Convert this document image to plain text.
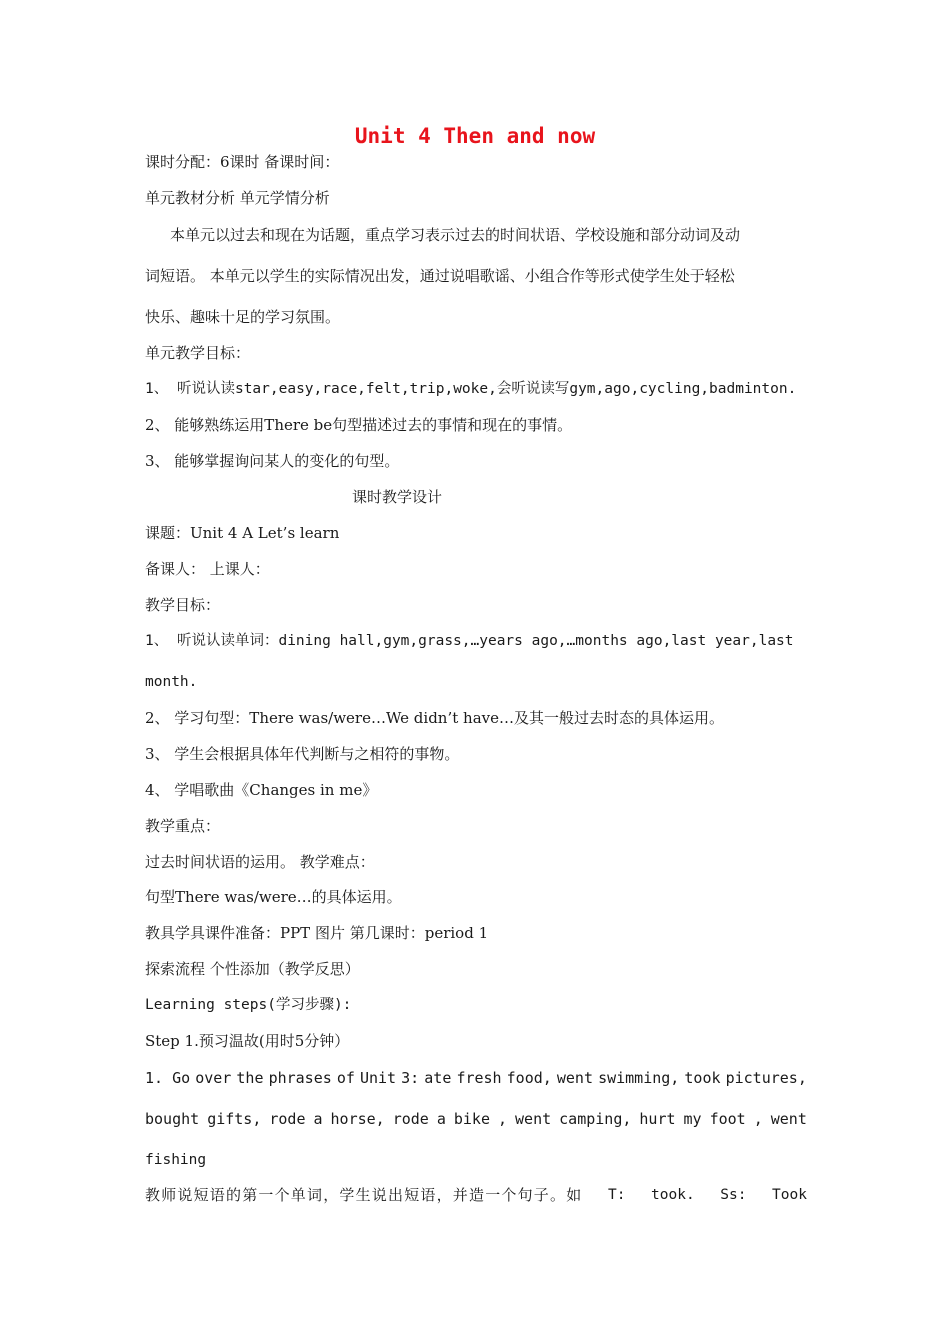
Unit 4 Then and now
课时分配：6课时 备课时间：
单元教材分析 单元学情分析
本单元以过去和现在为话题，重点学习表示过去的时间状语、学校设施和部分动词及动
词短语。 本单元以学生的实际情况出发，通过说唱歌谣、小组合作等形式使学生处于轻松
快乐、趣味十足的学习氛围。
单元教学目标：
1、 听说认读star,easy,race,felt,trip,woke,会听说读写gym,ago,cycling,badminton.
2、 能够熟练运用There be句型描述过去的事情和现在的事情。
3、 能够掌握询问某人的变化的句型。
课时教学设计
课题：Unit 4 A Let’s learn
备课人： 上课人：
教学目标：
1、 听说认读单词：dining hall,gym,grass,…years ago,…months ago,last year,last
month.
2、 学习句型：There was/were…We didn’t have…及其一般过去时态的具体运用。
3、 学生会根据具体年代判断与之相符的事物。
4、 学唱歌曲《Changes in me》
教学重点：
过去时间状语的运用。 教学难点：
句型There was/were…的具体运用。
教具学具课件准备：PPT 图片 第几课时：period 1
探索流程 个性添加（教学反思）
Learning steps(学习步骤):
Step 1.预习温故(用时5分钟）
1. Go over the phrases of Unit 3: ate fresh food, went swimming, took pictures,
bought gifts, rode a horse, rode a bike , went camping, hurt my foot , went
fishing
教师说短语的第一个单词，学生说出短语，并造一个句子。如 T: took. Ss: Took
